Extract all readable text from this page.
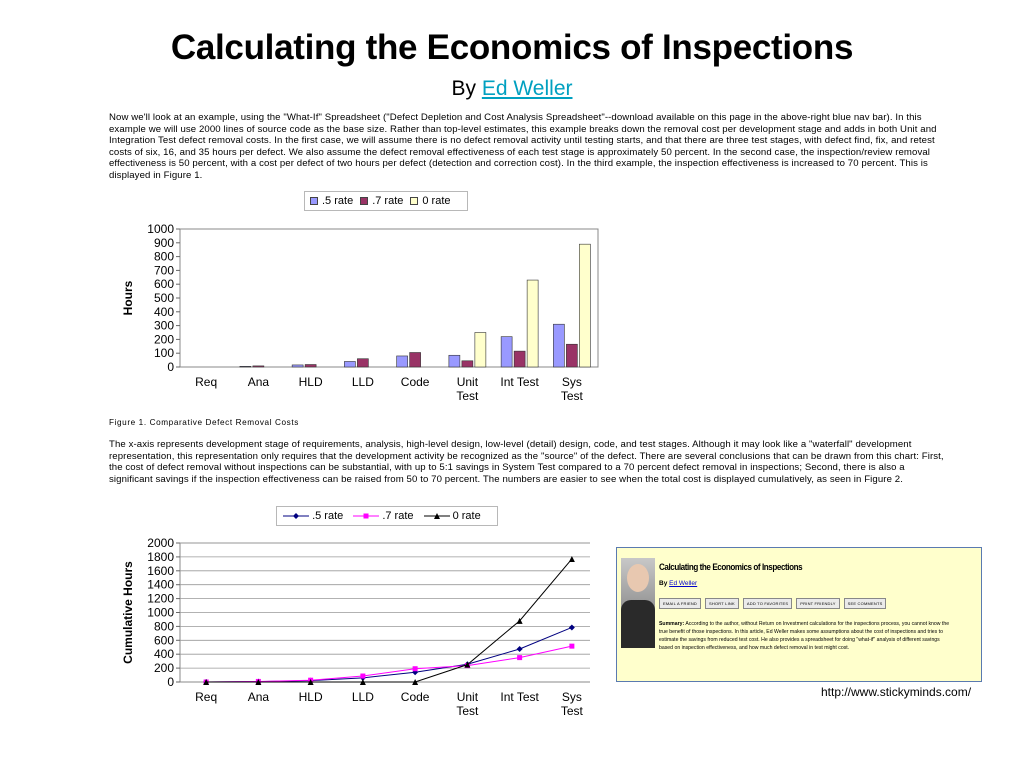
Calculating the Economics of Inspections
By Ed Weller
Now we'll look at an example, using the "What-If" Spreadsheet ("Defect Depletion and Cost Analysis Spreadsheet"--download available on this page in the above-right blue nav bar). In this example we will use 2000 lines of source code as the base size. Rather than top-level estimates, this example breaks down the removal cost per development stage and adds in both Unit and Integration Test defect removal costs. In the first case, we will assume there is no defect removal activity until testing starts, and that there are three test stages, with defect find, fix, and retest costs of six, 16, and 35 hours per defect. We also assume the defect removal effectiveness of each test stage is approximately 50 percent. In the second case, the inspection/review removal effectiveness is 50 percent, with a cost per defect of two hours per defect (detection and correction cost). In the third example, the inspection effectiveness is increased to 70 percent. This is displayed in Figure 1.
.5 rate .7 rate 0 rate
0
100
200
300
400
500
600
700
800
900
1000
Req	Ana HLD LLD Code Unit
Test
Int Test Sys
Test
Hours
Figure 1. Comparative Defect Removal Costs
The x-axis represents development stage of requirements, analysis, high-level design, low-level (detail) design, code, and test stages. Although it may look like a "waterfall" development representation, this representation only requires that the development activity be recognized as the "source" of the defect. There are several conclusions that can be drawn from this chart: First, the cost of defect removal without inspections can be substantial, with up to 5:1 savings in System Test compared to a 70 percent defect removal in inspections; Second, there is also a significant savings if the inspection effectiveness can be raised from 50 to 70 percent. The numbers are easier to see when the total cost is displayed cumulatively, as seen in Figure 2.

.5 rate
	.7 rate
	0 rate
0
200
400
600
800
1000
1200
1400
1600
1800
2000
Req	Ana HLD LLD Code Unit
Test
Int Test Sys
Test
Cumulative Hours	Calculating the Economics of Inspections
By Ed Weller
EMAIL A FRIEND	SHORT LINK	ADD TO FAVORITES	PRINT FRIENDLY	SEE COMMENTS
Summary: According to the author, without Return on Investment calculations for the inspections process, you cannot know the true benefit of those inspections. In this article, Ed Weller makes some assumptions about the cost of inspections and tries to estimate the savings from reduced test cost. He also provides a spreadsheet for doing "what-if" analysis of different savings based on inspection effectiveness, and how much defect removal in test might cost.
http://www.stickyminds.com/
